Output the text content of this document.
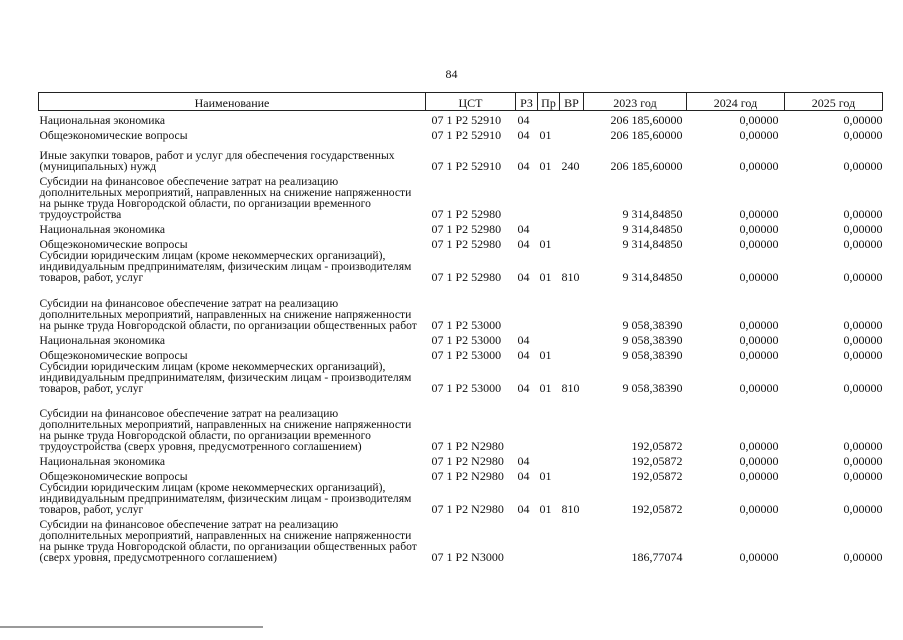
84
Наименование	ЦСТ	РЗ	Пр	ВР	2023 год	2024 год	2025 год
Национальная экономика	07 1 Р2 52910	04			206 185,60000	0,00000	0,00000
Общеэкономические вопросы	07 1 Р2 52910	04	01		206 185,60000	0,00000	0,00000
Иные закупки товаров, работ и услуг для обеспечения государственных (муниципальных) нужд	07 1 Р2 52910	04	01	240	206 185,60000	0,00000	0,00000
Субсидии на финансовое обеспечение затрат на реализацию дополнительных мероприятий, направленных на снижение напряженности на рынке труда Новгородской области, по организации временного трудоустройства	07 1 Р2 52980				9 314,84850	0,00000	0,00000
Национальная экономика	07 1 Р2 52980	04			9 314,84850	0,00000	0,00000
Общеэкономические вопросы	07 1 Р2 52980	04	01		9 314,84850	0,00000	0,00000
Субсидии юридическим лицам (кроме некоммерческих организаций), индивидуальным предпринимателям, физическим лицам - производителям товаров, работ, услуг	07 1 Р2 52980	04	01	810	9 314,84850	0,00000	0,00000
Субсидии на финансовое обеспечение затрат на реализацию дополнительных мероприятий, направленных на снижение напряженности на рынке труда Новгородской области, по организации общественных работ	07 1 Р2 53000				9 058,38390	0,00000	0,00000
Национальная экономика	07 1 Р2 53000	04			9 058,38390	0,00000	0,00000
Общеэкономические вопросы	07 1 Р2 53000	04	01		9 058,38390	0,00000	0,00000
Субсидии юридическим лицам (кроме некоммерческих организаций), индивидуальным предпринимателям, физическим лицам - производителям товаров, работ, услуг	07 1 Р2 53000	04	01	810	9 058,38390	0,00000	0,00000
Субсидии на финансовое обеспечение затрат на реализацию дополнительных мероприятий, направленных на снижение напряженности на рынке труда Новгородской области, по организации временного трудоустройства (сверх уровня, предусмотренного соглашением)	07 1 Р2 N2980				192,05872	0,00000	0,00000
Национальная экономика	07 1 Р2 N2980	04			192,05872	0,00000	0,00000
Общеэкономические вопросы	07 1 Р2 N2980	04	01		192,05872	0,00000	0,00000
Субсидии юридическим лицам (кроме некоммерческих организаций), индивидуальным предпринимателям, физическим лицам - производителям товаров, работ, услуг	07 1 Р2 N2980	04	01	810	192,05872	0,00000	0,00000
Субсидии на финансовое обеспечение затрат на реализацию дополнительных мероприятий, направленных на снижение напряженности на рынке труда Новгородской области, по организации общественных работ (сверх уровня, предусмотренного соглашением)	07 1 Р2 N3000				186,77074	0,00000	0,00000
